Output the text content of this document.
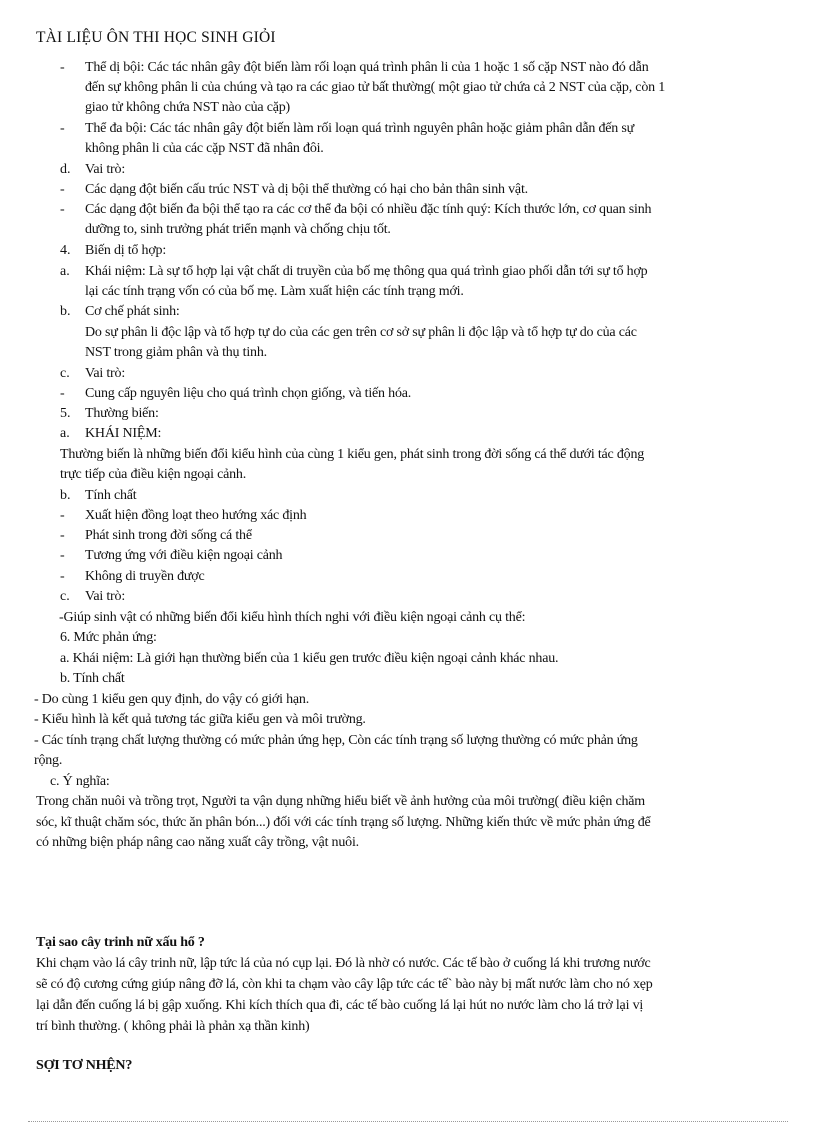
TÀI LIỆU ÔN THI HỌC SINH GIỎI
- Thể dị bội: Các tác nhân gây đột biến làm rối loạn quá trình phân li của 1 hoặc 1 số cặp NST nào đó dẫn
đến sự không phân li của chúng và tạo ra các giao tử bất thường( một giao tử chứa cả 2 NST của cặp, còn 1
giao tử không chứa NST nào của cặp)
- Thể đa bội: Các tác nhân gây đột biến làm rối loạn quá trình nguyên phân hoặc giảm phân dẫn đến sự
không phân li của các cặp NST đã nhân đôi.
d. Vai trò:
- Các dạng đột biến cấu trúc NST và dị bội thể thường có hại cho bản thân sinh vật.
- Các dạng đột biến đa bội thể tạo ra các cơ thể đa bội có nhiều đặc tính quý: Kích thước lớn, cơ quan sinh
dưỡng to, sinh trưởng phát triển mạnh và chống chịu tốt.
4. Biến dị tổ hợp:
a. Khái niệm: Là sự tổ hợp lại vật chất di truyền của bố mẹ thông qua quá trình giao phối dẫn tới sự tổ hợp
lại các tính trạng vốn có của bố mẹ. Làm xuất hiện các tính trạng mới.
b. Cơ chế phát sinh:
Do sự phân li độc lập và tổ hợp tự do của các gen trên cơ sở sự phân li độc lập và tổ hợp tự do của các
NST trong giảm phân và thụ tinh.
c. Vai trò:
- Cung cấp nguyên liệu cho quá trình chọn giống, và tiến hóa.
5. Thường biến:
a. KHÁI NIỆM:
Thường biến là những biến đổi kiểu hình của cùng 1 kiểu gen, phát sinh trong đời sống cá thể dưới tác động
trực tiếp của điều kiện ngoại cảnh.
b. Tính chất
- Xuất hiện đồng loạt theo hướng xác định
- Phát sinh trong đời sống cá thể
- Tương ứng với điều kiện ngoại cảnh
- Không di truyền được
c. Vai trò:
-Giúp sinh vật có những biến đổi kiểu hình thích nghi với điều kiện ngoại cảnh cụ thể:
6. Mức phản ứng:
a. Khái niệm: Là giới hạn thường biến của 1 kiểu gen trước điều kiện ngoại cảnh khác nhau.
b. Tính chất
- Do cùng 1 kiểu gen quy định, do vậy có giới hạn.
- Kiểu hình là kết quả tương tác giữa kiểu gen và môi trường.
- Các tính trạng chất lượng thường có mức phản ứng hẹp, Còn các tính trạng số lượng thường có mức phản ứng
rộng.
c. Ý nghĩa:
Trong chăn nuôi và trồng trọt, Người ta vận dụng những hiểu biết về ảnh hưởng của môi trường( điều kiện chăm
sóc, kĩ thuật chăm sóc, thức ăn phân bón...) đối với các tính trạng số lượng. Những kiến thức về mức phản ứng để
có những biện pháp nâng cao năng xuất cây trồng, vật nuôi.
Tại sao cây trinh nữ xấu hổ ?
Khi chạm vào lá cây trinh nữ, lập tức lá của nó cụp lại. Đó là nhờ có nước. Các tế bào ở cuống lá khi trương nước
sẽ có độ cương cứng giúp nâng đỡ lá, còn khi ta chạm vào cây lập tức các tế` bào này bị mất nước làm cho nó xẹp
lại dẫn đến cuống lá bị gập xuống. Khi kích thích qua đi, các tế bào cuống lá lại hút no nước làm cho lá trở lại vị
trí bình thường. ( không phải là phản xạ thần kinh)
SỢI TƠ NHỆN?
